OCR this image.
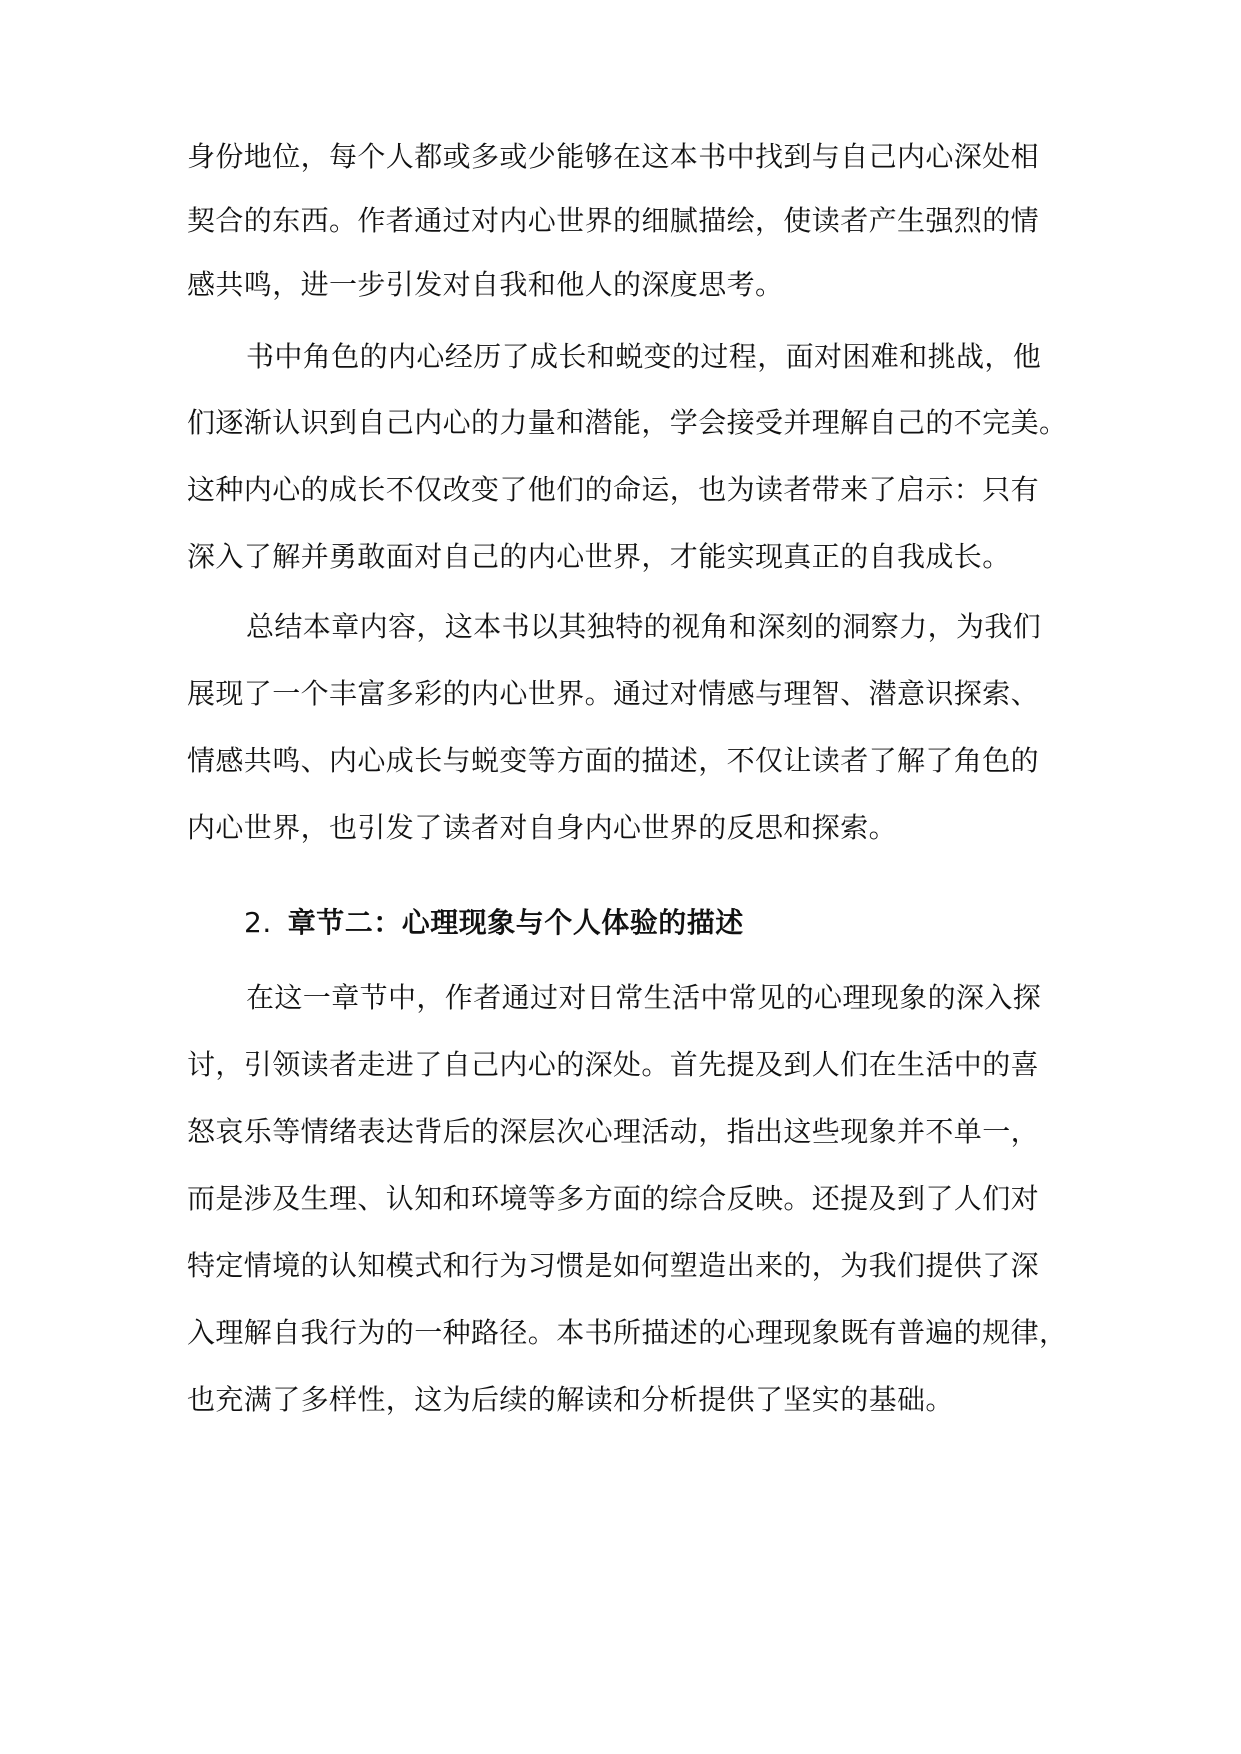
身份地位，每个人都或多或少能够在这本书中找到与自己内心深处相
契合的东西。作者通过对内心世界的细腻描绘，使读者产生强烈的情
感共鸣，进一步引发对自我和他人的深度思考。
书中角色的内心经历了成长和蜕变的过程，面对困难和挑战，他
们逐渐认识到自己内心的力量和潜能，学会接受并理解自己的不完美。
这种内心的成长不仅改变了他们的命运，也为读者带来了启示：只有
深入了解并勇敢面对自己的内心世界，才能实现真正的自我成长。
总结本章内容，这本书以其独特的视角和深刻的洞察力，为我们
展现了一个丰富多彩的内心世界。通过对情感与理智、潜意识探索、
情感共鸣、内心成长与蜕变等方面的描述，不仅让读者了解了角色的
内心世界，也引发了读者对自身内心世界的反思和探索。
2. 章节二：心理现象与个人体验的描述
在这一章节中，作者通过对日常生活中常见的心理现象的深入探
讨，引领读者走进了自己内心的深处。首先提及到人们在生活中的喜
怒哀乐等情绪表达背后的深层次心理活动，指出这些现象并不单一，
而是涉及生理、认知和环境等多方面的综合反映。还提及到了人们对
特定情境的认知模式和行为习惯是如何塑造出来的，为我们提供了深
入理解自我行为的一种路径。本书所描述的心理现象既有普遍的规律，
也充满了多样性，这为后续的解读和分析提供了坚实的基础。
